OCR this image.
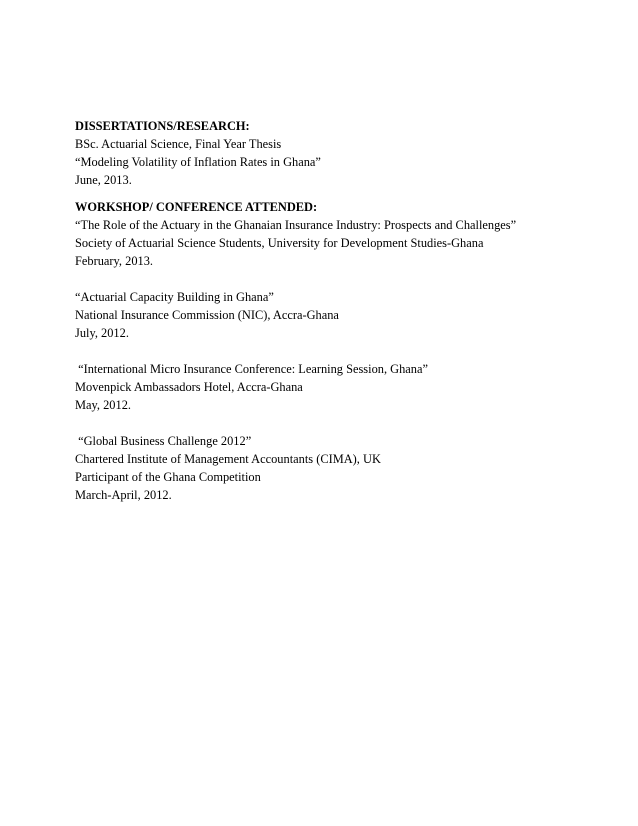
DISSERTATIONS/RESEARCH:

BSc. Actuarial Science, Final Year Thesis

“Modeling Volatility of Inflation Rates in Ghana”

June, 2013.

WORKSHOP/ CONFERENCE ATTENDED:

“The Role of the Actuary in the Ghanaian Insurance Industry: Prospects and Challenges”

Society of Actuarial Science Students, University for Development Studies-Ghana

February, 2013.

“Actuarial Capacity Building in Ghana”

National Insurance Commission (NIC), Accra-Ghana

July, 2012.

“International Micro Insurance Conference: Learning Session, Ghana”

Movenpick Ambassadors Hotel, Accra-Ghana

May, 2012.

“Global Business Challenge 2012”

Chartered Institute of Management Accountants (CIMA), UK

Participant of the Ghana Competition

March-April, 2012.
